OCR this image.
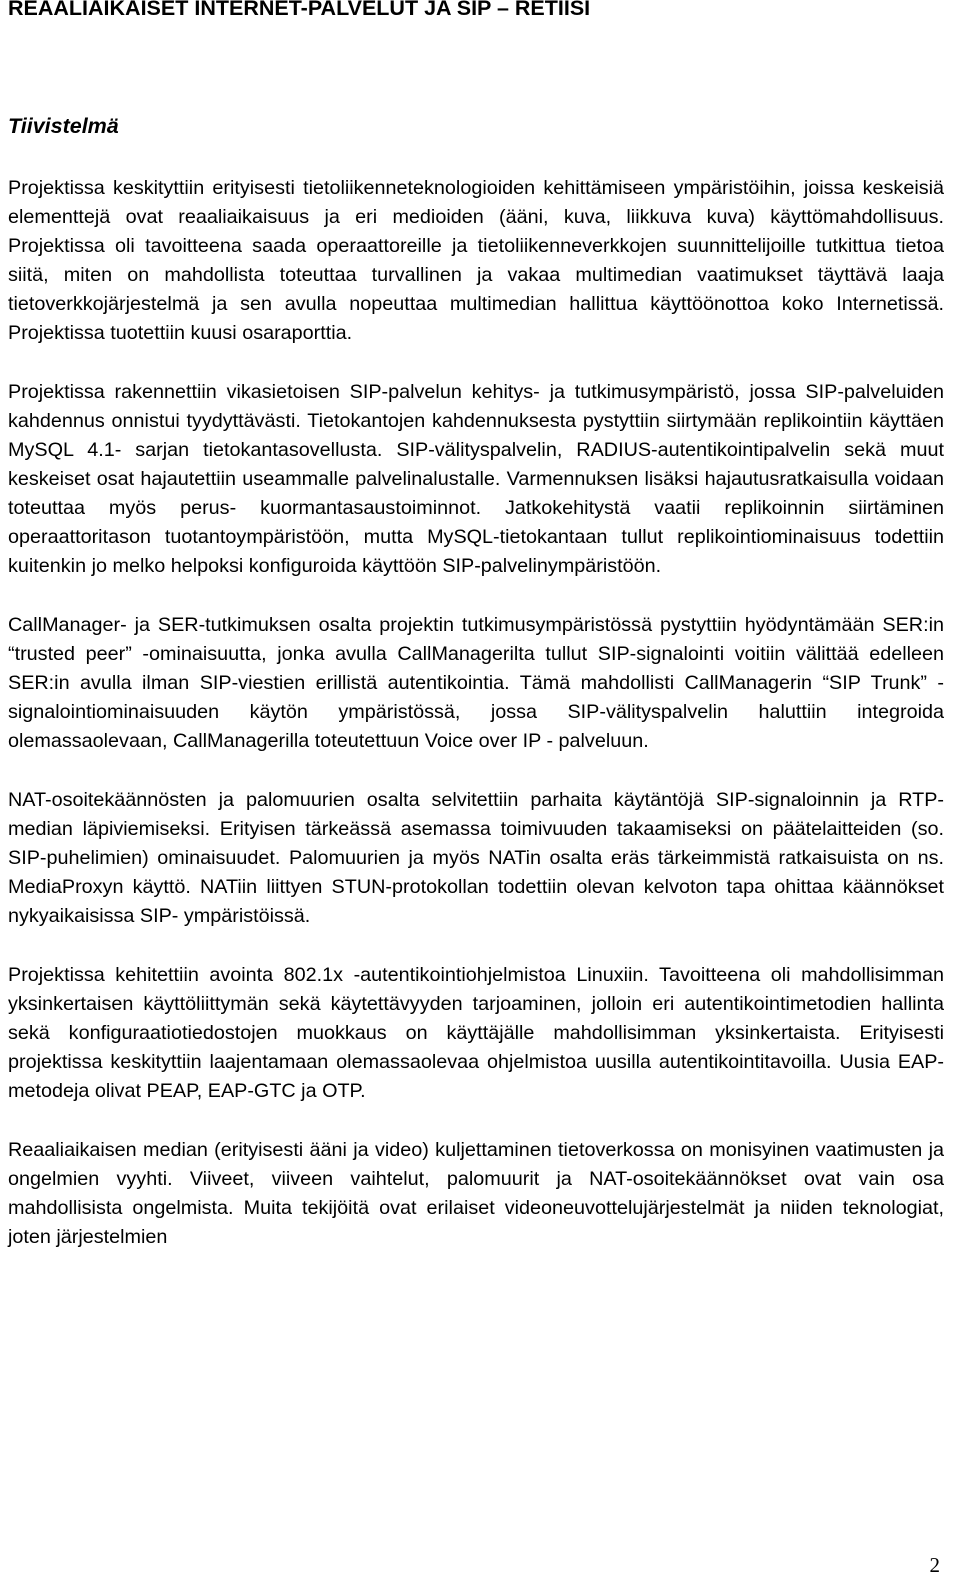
REAALIAIKAISET INTERNET-PALVELUT JA SIP – RETIISI
Tiivistelmä

Projektissa keskityttiin erityisesti tietoliikenneteknologioiden kehittämiseen ympäristöihin, joissa keskeisiä elementtejä ovat reaaliaikaisuus ja eri medioiden (ääni, kuva, liikkuva kuva) käyttömahdollisuus. Projektissa oli tavoitteena saada operaattoreille ja tietoliikenneverkkojen suunnittelijoille tutkittua tietoa siitä, miten on mahdollista toteuttaa turvallinen ja vakaa multimedian vaatimukset täyttävä laaja tietoverkkojärjestelmä ja sen avulla nopeuttaa multimedian hallittua käyttöönottoa koko Internetissä. Projektissa tuotettiin kuusi osaraporttia.

Projektissa rakennettiin vikasietoisen SIP-palvelun kehitys- ja tutkimusympäristö, jossa SIP-palveluiden kahdennus onnistui tyydyttävästi. Tietokantojen kahdennuksesta pystyttiin siirtymään replikointiin käyttäen MySQL 4.1- sarjan tietokantasovellusta. SIP-välityspalvelin, RADIUS-autentikointipalvelin sekä muut keskeiset osat hajautettiin useammalle palvelinalustalle. Varmennuksen lisäksi hajautusratkaisulla voidaan toteuttaa myös perus- kuormantasaustoiminnot. Jatkokehitystä vaatii replikoinnin siirtäminen operaattoritason tuotantoympäristöön, mutta MySQL-tietokantaan tullut replikointiominaisuus todettiin kuitenkin jo melko helpoksi konfiguroida käyttöön SIP-palvelinympäristöön.

CallManager- ja SER-tutkimuksen osalta projektin tutkimusympäristössä pystyttiin hyödyntämään SER:in “trusted peer” -ominaisuutta, jonka avulla CallManagerilta tullut SIP-signalointi voitiin välittää edelleen SER:in avulla ilman SIP-viestien erillistä autentikointia. Tämä mahdollisti CallManagerin “SIP Trunk” - signalointiominaisuuden käytön ympäristössä, jossa SIP-välityspalvelin haluttiin integroida olemassaolevaan, CallManagerilla toteutettuun Voice over IP - palveluun.

NAT-osoitekäännösten ja palomuurien osalta selvitettiin parhaita käytäntöjä SIP-signaloinnin ja RTP-median läpiviemiseksi. Erityisen tärkeässä asemassa toimivuuden takaamiseksi on päätelaitteiden (so. SIP-puhelimien) ominaisuudet. Palomuurien ja myös NATin osalta eräs tärkeimmistä ratkaisuista on ns. MediaProxyn käyttö. NATiin liittyen STUN-protokollan todettiin olevan kelvoton tapa ohittaa käännökset nykyaikaisissa SIP- ympäristöissä.

Projektissa kehitettiin avointa 802.1x -autentikointiohjelmistoa Linuxiin. Tavoitteena oli mahdollisimman yksinkertaisen käyttöliittymän sekä käytettävyyden tarjoaminen, jolloin eri autentikointimetodien hallinta sekä konfiguraatiotiedostojen muokkaus on käyttäjälle mahdollisimman yksinkertaista. Erityisesti projektissa keskityttiin laajentamaan olemassaolevaa ohjelmistoa uusilla autentikointitavoilla. Uusia EAP-metodeja olivat PEAP, EAP-GTC ja OTP.

Reaaliaikaisen median (erityisesti ääni ja video) kuljettaminen tietoverkossa on monisyinen vaatimusten ja ongelmien vyyhti. Viiveet, viiveen vaihtelut, palomuurit ja NAT-osoitekäännökset ovat vain osa mahdollisista ongelmista. Muita tekijöitä ovat erilaiset videoneuvottelujärjestelmät ja niiden teknologiat, joten järjestelmien

2
